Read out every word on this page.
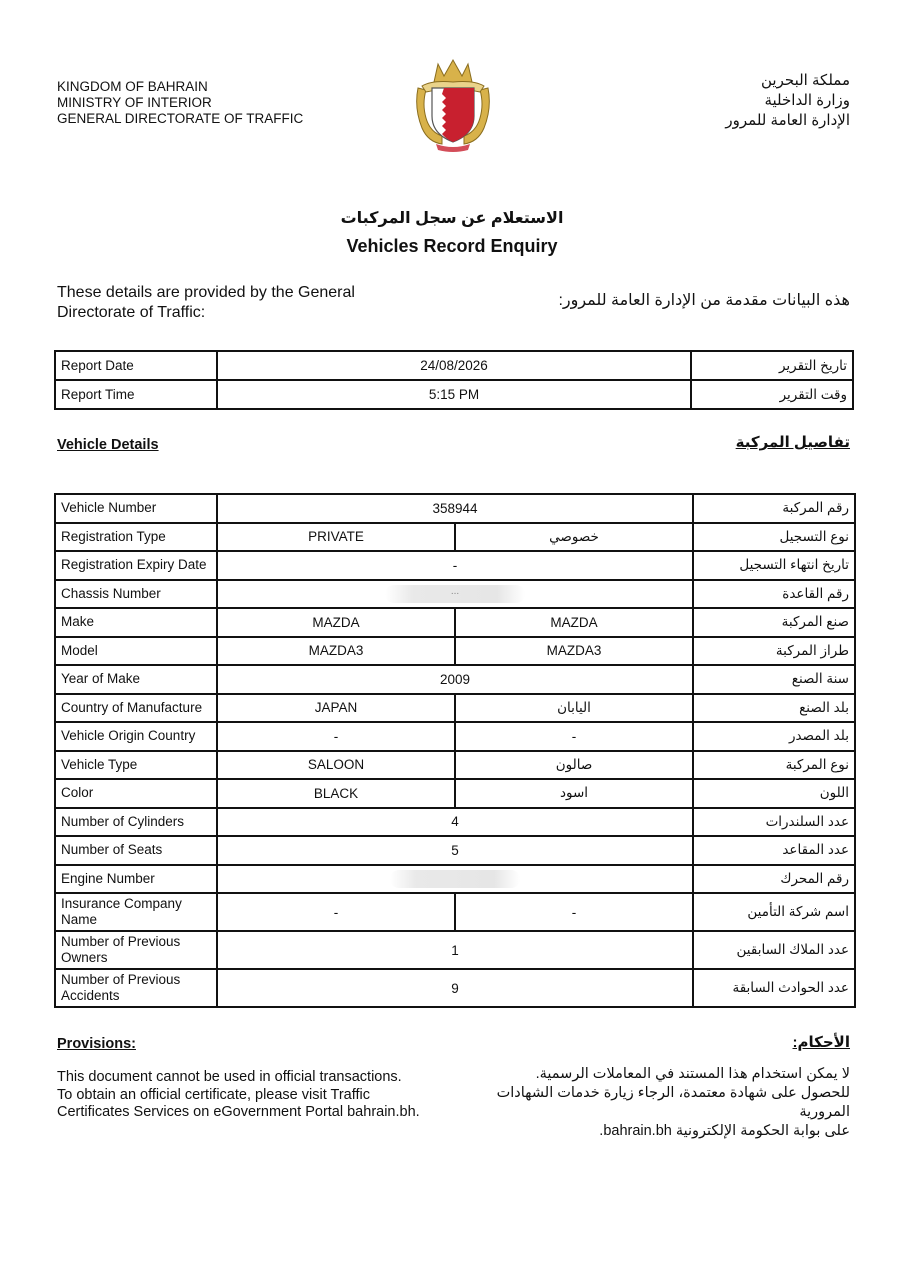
KINGDOM OF BAHRAIN
MINISTRY OF INTERIOR
GENERAL DIRECTORATE OF TRAFFIC
مملكة البحرين
وزارة الداخلية
الإدارة العامة للمرور
الاستعلام عن سجل المركبات
Vehicles Record Enquiry
These details are provided by the General Directorate of Traffic:
هذه البيانات مقدمة من الإدارة العامة للمرور:
Report Date	24/08/2026	تاريخ التقرير
Report Time	5:15 PM	وقت التقرير
Vehicle Details	تفاصيل المركبة
Vehicle Number	358944		رقم المركبة
Registration Type	PRIVATE	خصوصي	نوع التسجيل
Registration Expiry Date	-		تاريخ انتهاء التسجيل
Chassis Number	...		رقم القاعدة
Make	MAZDA	MAZDA	صنع المركبة
Model	MAZDA3	MAZDA3	طراز المركبة
Year of Make	2009		سنة الصنع
Country of Manufacture	JAPAN	اليابان	بلد الصنع
Vehicle Origin Country	-	-	بلد المصدر
Vehicle Type	SALOON	صالون	نوع المركبة
Color	BLACK	اسود	اللون
Number of Cylinders	4		عدد السلندرات
Number of Seats	5		عدد المقاعد
Engine Number			رقم المحرك
Insurance Company Name	-	-	اسم شركة التأمين
Number of Previous Owners	1		عدد الملاك السابقين
Number of Previous Accidents	9		عدد الحوادث السابقة
Provisions:	الأحكام:
This document cannot be used in official transactions.
To obtain an official certificate, please visit Traffic
Certificates Services on eGovernment Portal bahrain.bh.
لا يمكن استخدام هذا المستند في المعاملات الرسمية.
للحصول على شهادة معتمدة، الرجاء زيارة خدمات الشهادات المرورية
على بوابة الحكومة الإلكترونية bahrain.bh.
